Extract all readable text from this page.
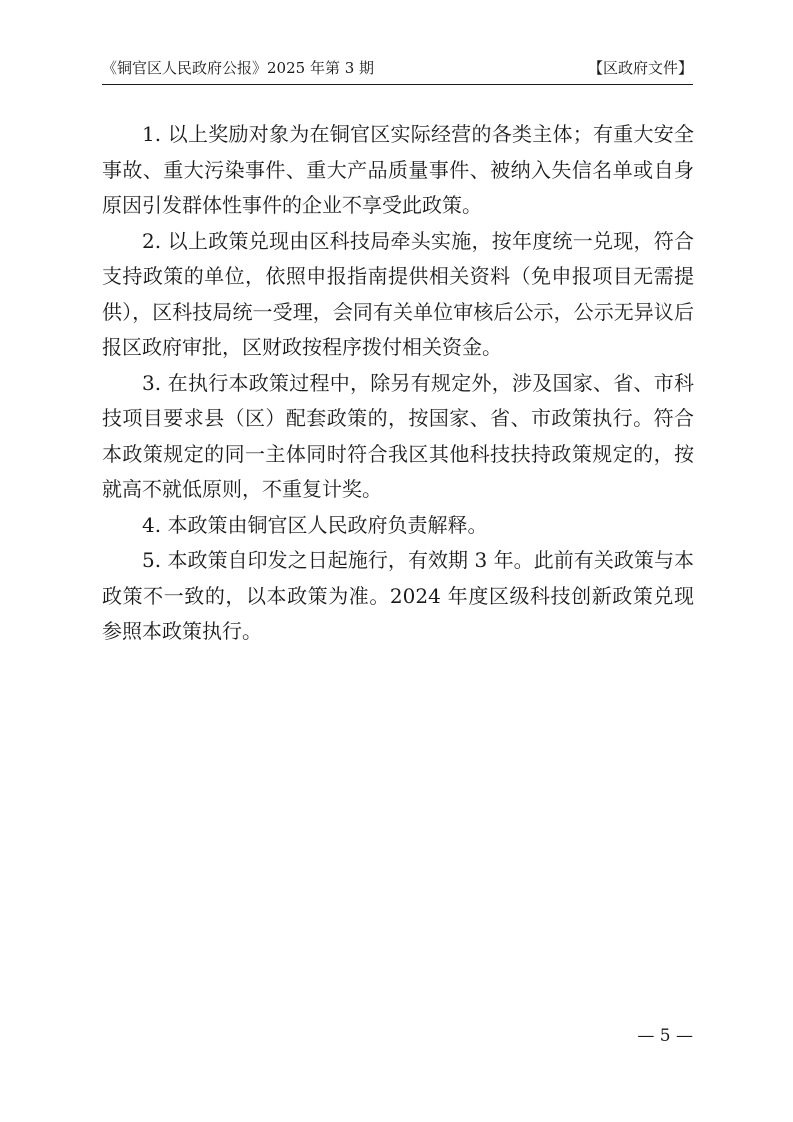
《铜官区人民政府公报》2025 年第 3 期	【区政府文件】

1. 以上奖励对象为在铜官区实际经营的各类主体；有重大安全事故、重大污染事件、重大产品质量事件、被纳入失信名单或自身原因引发群体性事件的企业不享受此政策。

2. 以上政策兑现由区科技局牵头实施，按年度统一兑现，符合支持政策的单位，依照申报指南提供相关资料（免申报项目无需提供），区科技局统一受理，会同有关单位审核后公示，公示无异议后报区政府审批，区财政按程序拨付相关资金。

3. 在执行本政策过程中，除另有规定外，涉及国家、省、市科技项目要求县（区）配套政策的，按国家、省、市政策执行。符合本政策规定的同一主体同时符合我区其他科技扶持政策规定的，按就高不就低原则，不重复计奖。

4. 本政策由铜官区人民政府负责解释。

5. 本政策自印发之日起施行，有效期 3 年。此前有关政策与本政策不一致的，以本政策为准。2024 年度区级科技创新政策兑现参照本政策执行。

— 5 —
